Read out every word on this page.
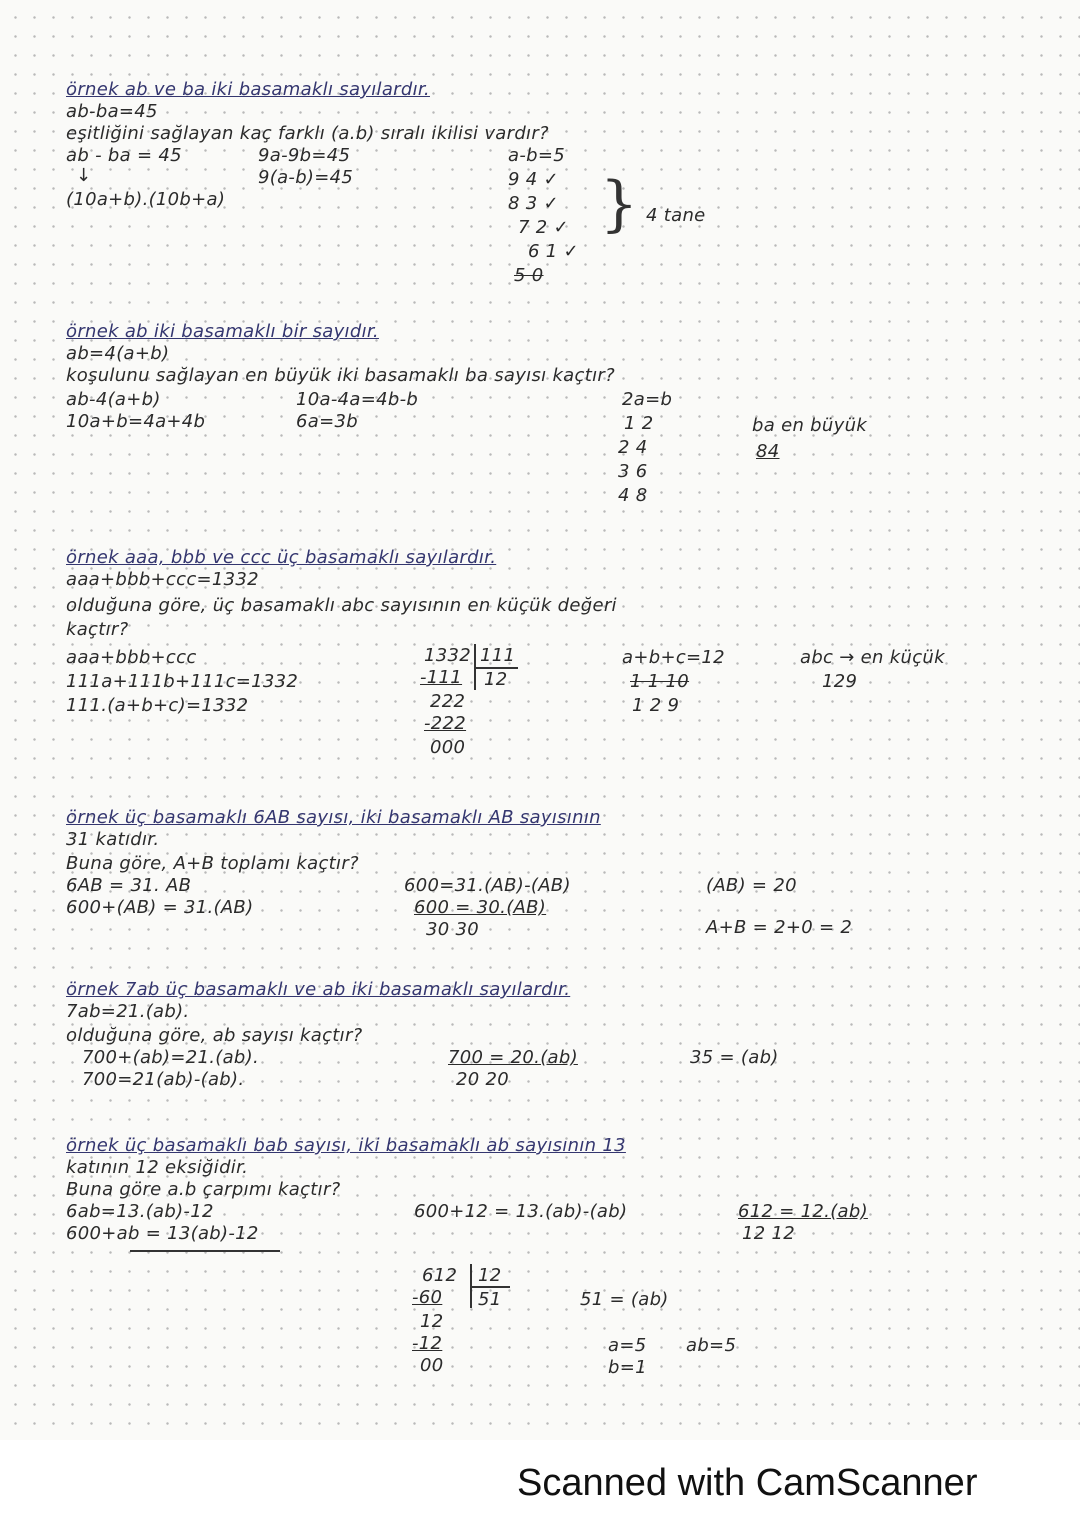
örnek ab ve ba iki basamaklı sayılardır.
ab-ba=45
eşitliğini sağlayan kaç farklı (a.b) sıralı ikilisi vardır?
ab - ba = 45
↓
(10a+b).(10b+a)
9a-9b=45
9(a-b)=45
a-b=5
9 4 ✓
8 3 ✓
7 2 ✓
6 1 ✓
5 0
} 4 tane
örnek ab iki basamaklı bir sayıdır.
ab=4(a+b)
koşulunu sağlayan en büyük iki basamaklı ba sayısı kaçtır?
ab-4(a+b)
10a+b=4a+4b
10a-4a=4b-b
6a=3b
2a=b
1 2
2 4
3 6
4 8
ba en büyük
84
örnek aaa, bbb ve ccc üç basamaklı sayılardır.
aaa+bbb+ccc=1332
olduğuna göre, üç basamaklı abc sayısının en küçük değeri
kaçtır?
aaa+bbb+ccc
111a+111b+111c=1332
111.(a+b+c)=1332
1332
-111
222
-222
000
111
12
a+b+c=12
1 1 10
1 2 9
abc → en küçük
129
örnek üç basamaklı 6AB sayısı, iki basamaklı AB sayısının
31 katıdır.
Buna göre, A+B toplamı kaçtır?
6AB = 31. AB
600+(AB) = 31.(AB)
600=31.(AB)-(AB)
600 = 30.(AB)
30 30
(AB) = 20
A+B = 2+0 = 2
örnek 7ab üç basamaklı ve ab iki basamaklı sayılardır.
7ab=21.(ab).
olduğuna göre, ab sayısı kaçtır?
700+(ab)=21.(ab).
700=21(ab)-(ab).
700 = 20.(ab)
20 20
35 = (ab)
örnek üç basamaklı bab sayısı, iki basamaklı ab sayısının 13
katının 12 eksiğidir.
Buna göre a.b çarpımı kaçtır?
6ab=13.(ab)-12
600+ab = 13(ab)-12
600+12 = 13.(ab)-(ab)	612 = 12.(ab)
12 12
612
-60
12
-12
00
12
51	51 = (ab)
a=5
b=1
ab=5
Scanned with CamScanner
